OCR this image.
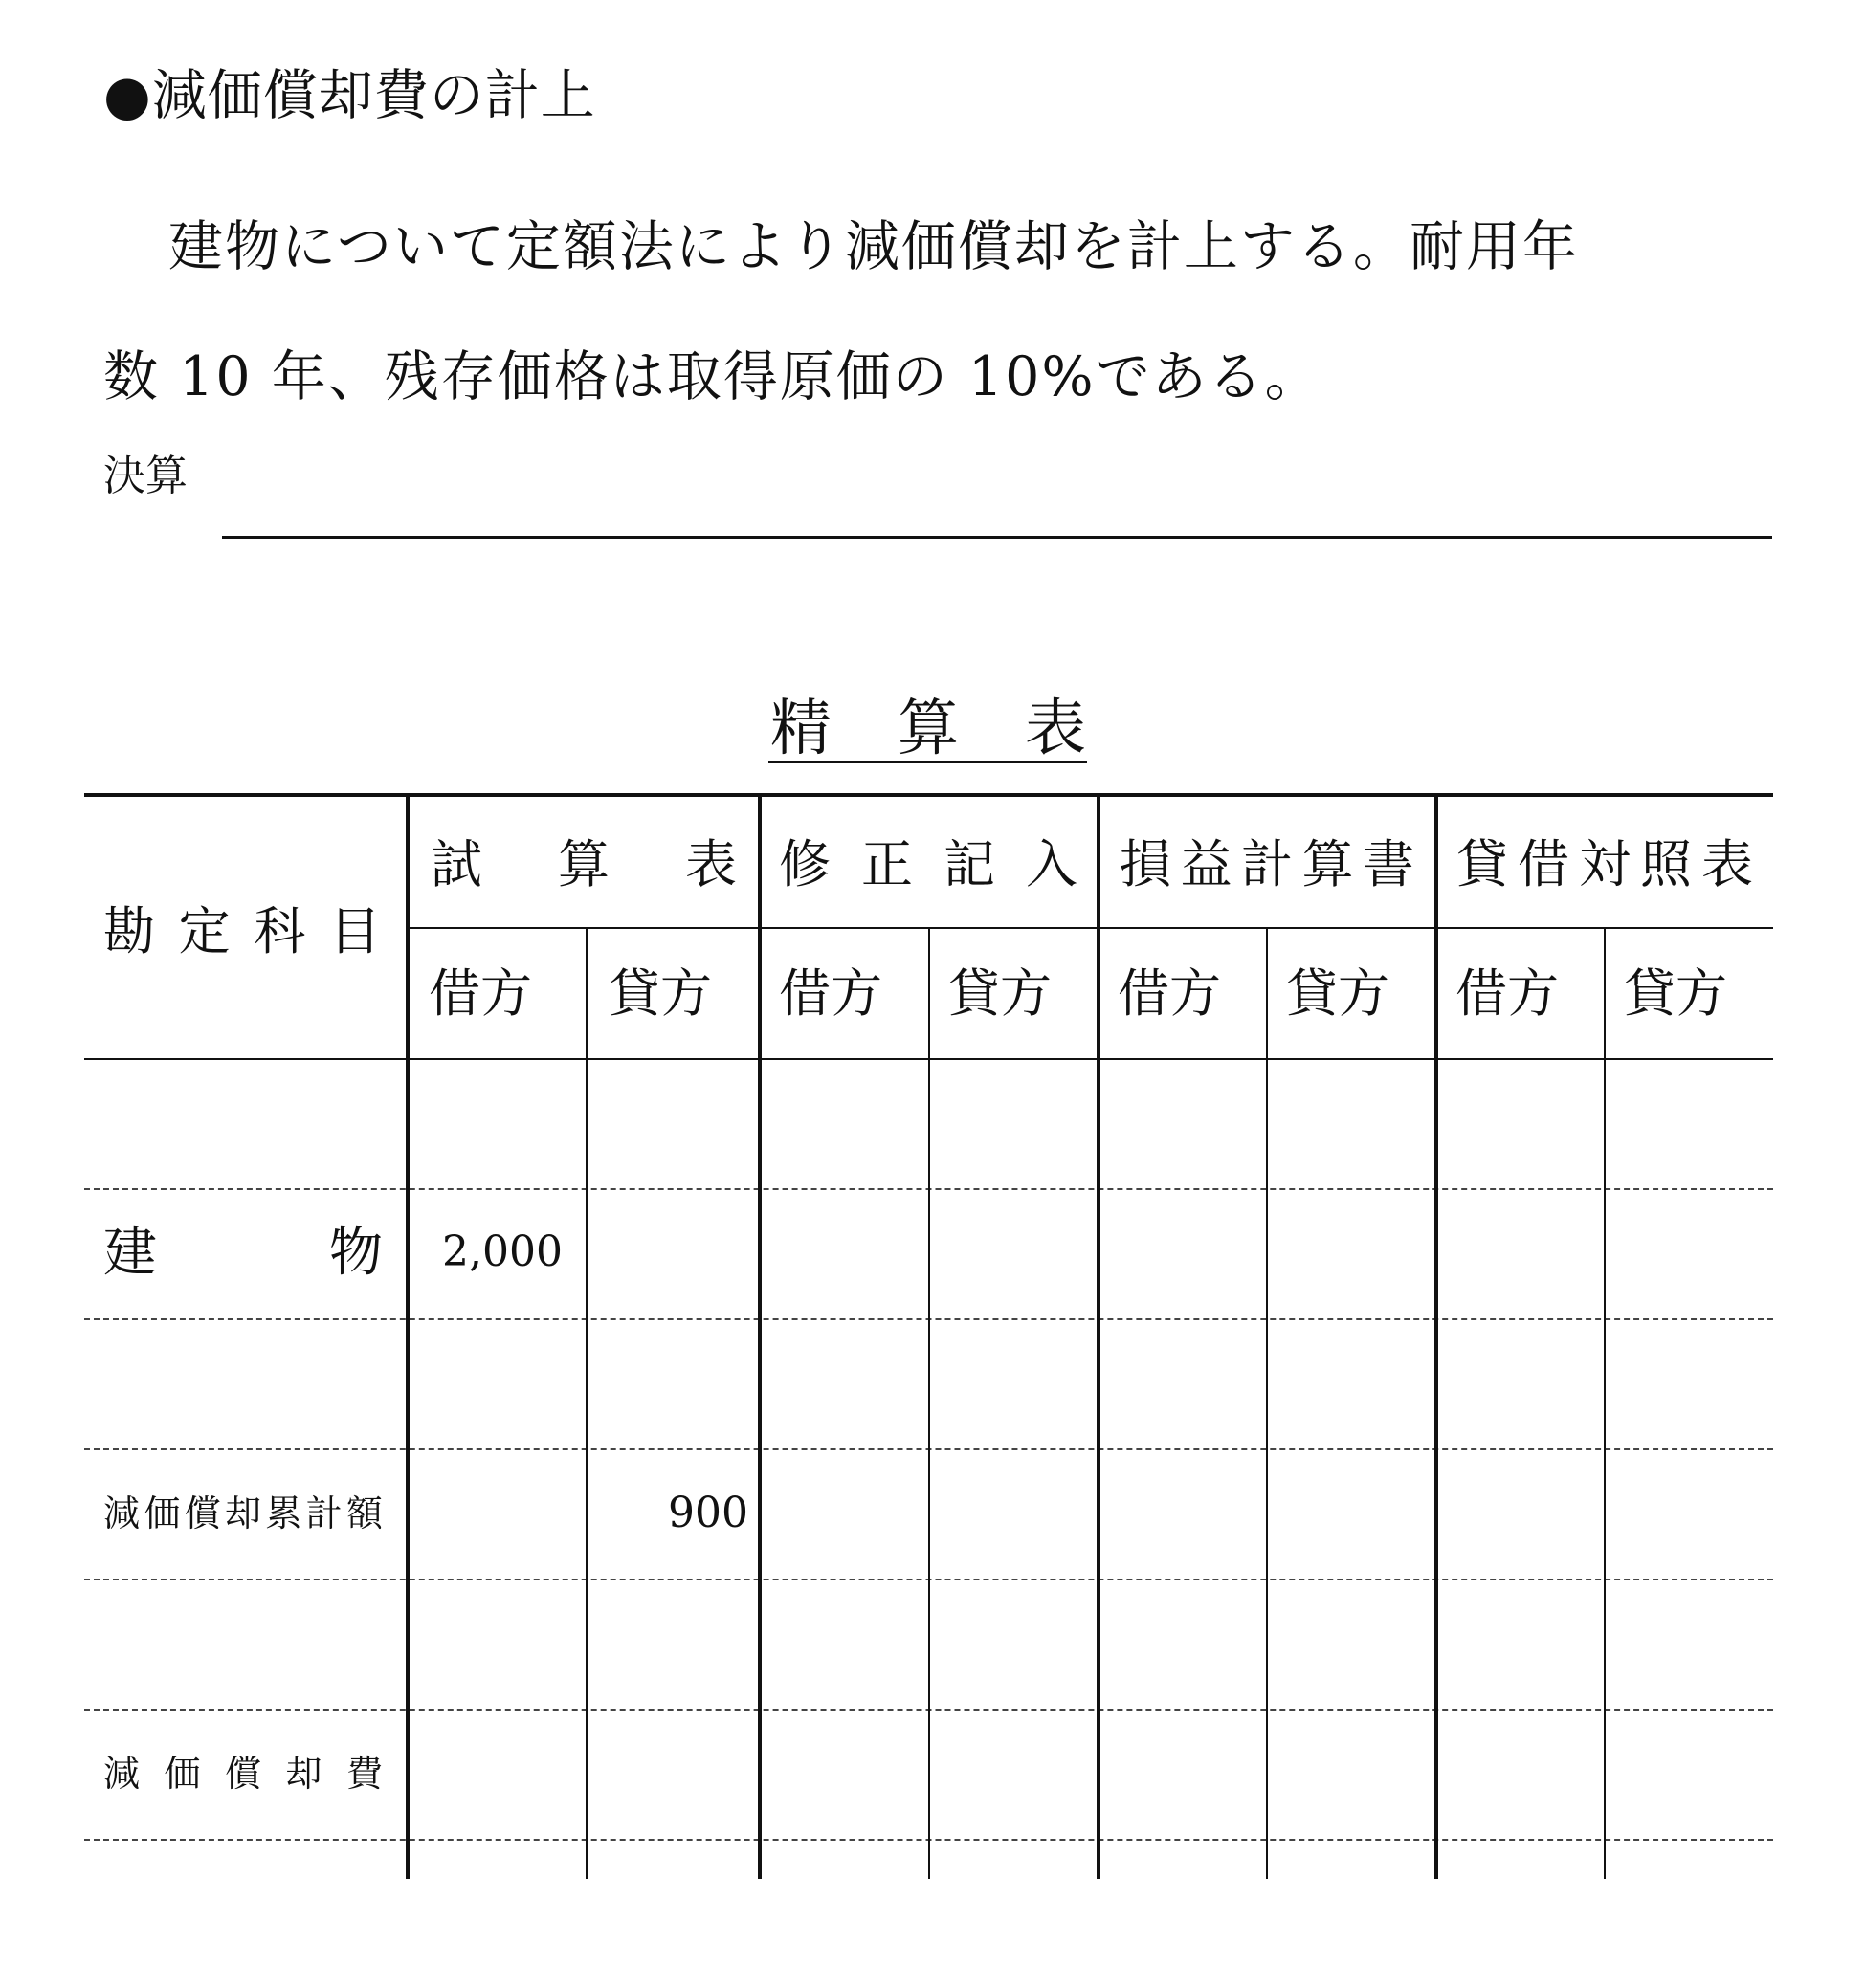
●減価償却費の計上
建物について定額法により減価償却を計上する。耐用年
数 10 年、残存価格は取得原価の 10%である。
決算
精算表
勘定科目
試算表 修正記入 損益計算書 貸借対照表
借方 貸方 借方 貸方 借方 貸方 借方 貸方
建物 2,000
減価償却累計額	900
減価償却費
